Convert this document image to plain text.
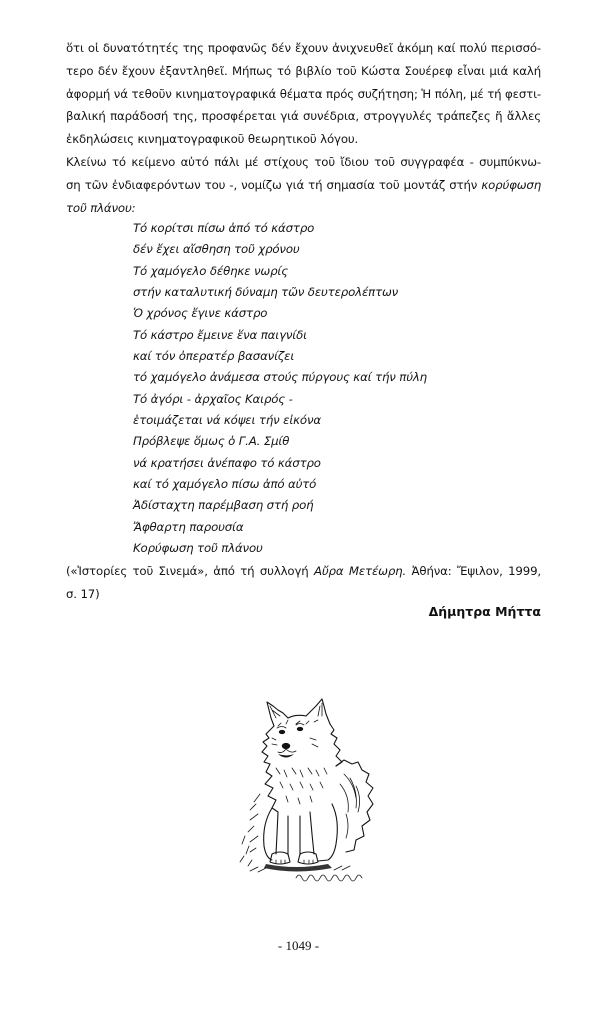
ὅτι οἱ δυνατότητές της προφανῶς δέν ἔχουν ἀνιχνευθεῖ ἀκόμη καί πολύ περισσό-
τερο δέν ἔχουν ἐξαντληθεῖ. Μήπως τό βιβλίο τοῦ Κώστα Σουέρεφ εἶναι μιά καλή
ἀφορμή νά τεθοῦν κινηματογραφικά θέματα πρός συζήτηση; Ἡ πόλη, μέ τή φεστι-
βαλική παράδοσή της, προσφέρεται γιά συνέδρια, στρογγυλές τράπεζες ἤ ἄλλες
ἐκδηλώσεις κινηματογραφικοῦ θεωρητικοῦ λόγου.
Κλείνω τό κείμενο αὐτό πάλι μέ στίχους τοῦ ἴδιου τοῦ συγγραφέα - συμπύκνω-
ση τῶν ἐνδιαφερόντων του -, νομίζω γιά τή σημασία τοῦ μοντάζ στήν κορύφωση
τοῦ πλάνου:
Τό κορίτσι πίσω ἀπό τό κάστρο
δέν ἔχει αἴσθηση τοῦ χρόνου
Τό χαμόγελο δέθηκε νωρίς
στήν καταλυτική δύναμη τῶν δευτερολέπτων
Ὁ χρόνος ἔγινε κάστρο
Τό κάστρο ἔμεινε ἕνα παιγνίδι
καί τόν ὀπερατέρ βασανίζει
τό χαμόγελο ἀνάμεσα στούς πύργους καί τήν πύλη
Τό ἀγόρι - ἀρχαῖος Καιρός -
ἑτοιμάζεται νά κόψει τήν εἰκόνα
Πρόβλεψε ὅμως ὁ Γ.Α. Σμίθ
νά κρατήσει ἀνέπαφο τό κάστρο
καί τό χαμόγελο πίσω ἀπό αὐτό
Ἀδίσταχτη παρέμβαση στή ροή
Ἄφθαρτη παρουσία
Κορύφωση τοῦ πλάνου
(«Ἱστορίες τοῦ Σινεμά», ἀπό τή συλλογή Αὔρα Μετέωρη. Ἀθήνα: Ἔψιλον, 1999,
σ. 17)
Δήμητρα Μήττα
- 1049 -
